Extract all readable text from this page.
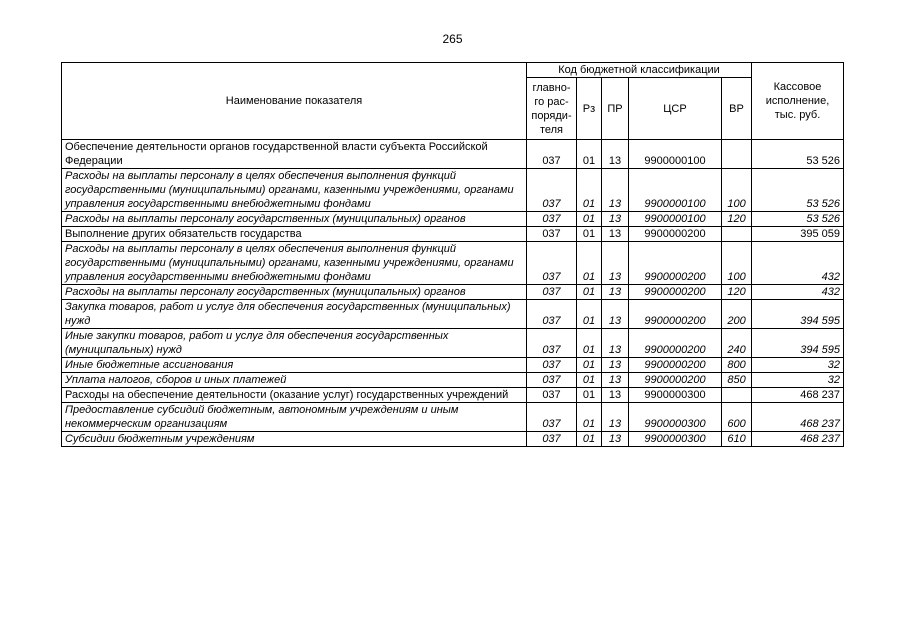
265
Наименование показателя	Код бюджетной классификации					Кассовое исполнение, тыс. руб.
	главно-го рас-поряди-теля	Рз	ПР	ЦСР	ВР	
Обеспечение деятельности органов государственной власти субъекта Российской Федерации	037	01	13	9900000100		53 526
Расходы на выплаты персоналу в целях обеспечения выполнения функций государственными (муниципальными) органами, казенными учреждениями, органами управления государственными внебюджетными фондами	037	01	13	9900000100	100	53 526
Расходы на выплаты персоналу государственных (муниципальных) органов	037	01	13	9900000100	120	53 526
Выполнение других обязательств государства	037	01	13	9900000200		395 059
Расходы на выплаты персоналу в целях обеспечения выполнения функций государственными (муниципальными) органами, казенными учреждениями, органами управления государственными внебюджетными фондами	037	01	13	9900000200	100	432
Расходы на выплаты персоналу государственных (муниципальных) органов	037	01	13	9900000200	120	432
Закупка товаров, работ и услуг для обеспечения государственных (муниципальных) нужд	037	01	13	9900000200	200	394 595
Иные закупки товаров, работ и услуг для обеспечения государственных (муниципальных) нужд	037	01	13	9900000200	240	394 595
Иные бюджетные ассигнования	037	01	13	9900000200	800	32
Уплата налогов, сборов и иных платежей	037	01	13	9900000200	850	32
Расходы на обеспечение деятельности (оказание услуг) государственных учреждений	037	01	13	9900000300		468 237
Предоставление субсидий бюджетным, автономным учреждениям и иным некоммерческим организациям	037	01	13	9900000300	600	468 237
Субсидии бюджетным учреждениям	037	01	13	9900000300	610	468 237
